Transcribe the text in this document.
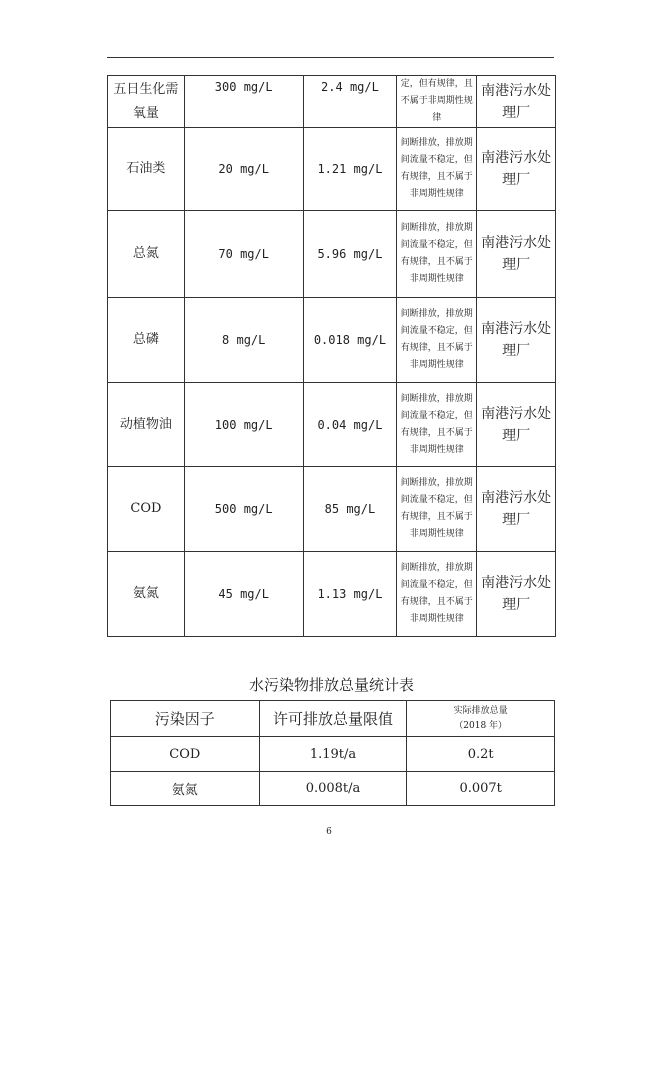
五日生化需氧量	300 mg/L	2.4 mg/L	定，但有规律，且不属于非周期性规律	南港污水处理厂
石油类	20 mg/L	1.21 mg/L	间断排放，排放期间流量不稳定，但有规律，且不属于非周期性规律	南港污水处理厂
总氮	70 mg/L	5.96 mg/L	间断排放，排放期间流量不稳定，但有规律，且不属于非周期性规律	南港污水处理厂
总磷	8 mg/L	0.018 mg/L	间断排放，排放期间流量不稳定，但有规律，且不属于非周期性规律	南港污水处理厂
动植物油	100 mg/L	0.04 mg/L	间断排放，排放期间流量不稳定，但有规律，且不属于非周期性规律	南港污水处理厂
COD	500 mg/L	85 mg/L	间断排放，排放期间流量不稳定，但有规律，且不属于非周期性规律	南港污水处理厂
氨氮	45 mg/L	1.13 mg/L	间断排放，排放期间流量不稳定，但有规律，且不属于非周期性规律	南港污水处理厂
水污染物排放总量统计表
污染因子	许可排放总量限值	实际排放总量
（2018 年）

COD	1.19t/a	0.2t
氨氮	0.008t/a	0.007t
6
